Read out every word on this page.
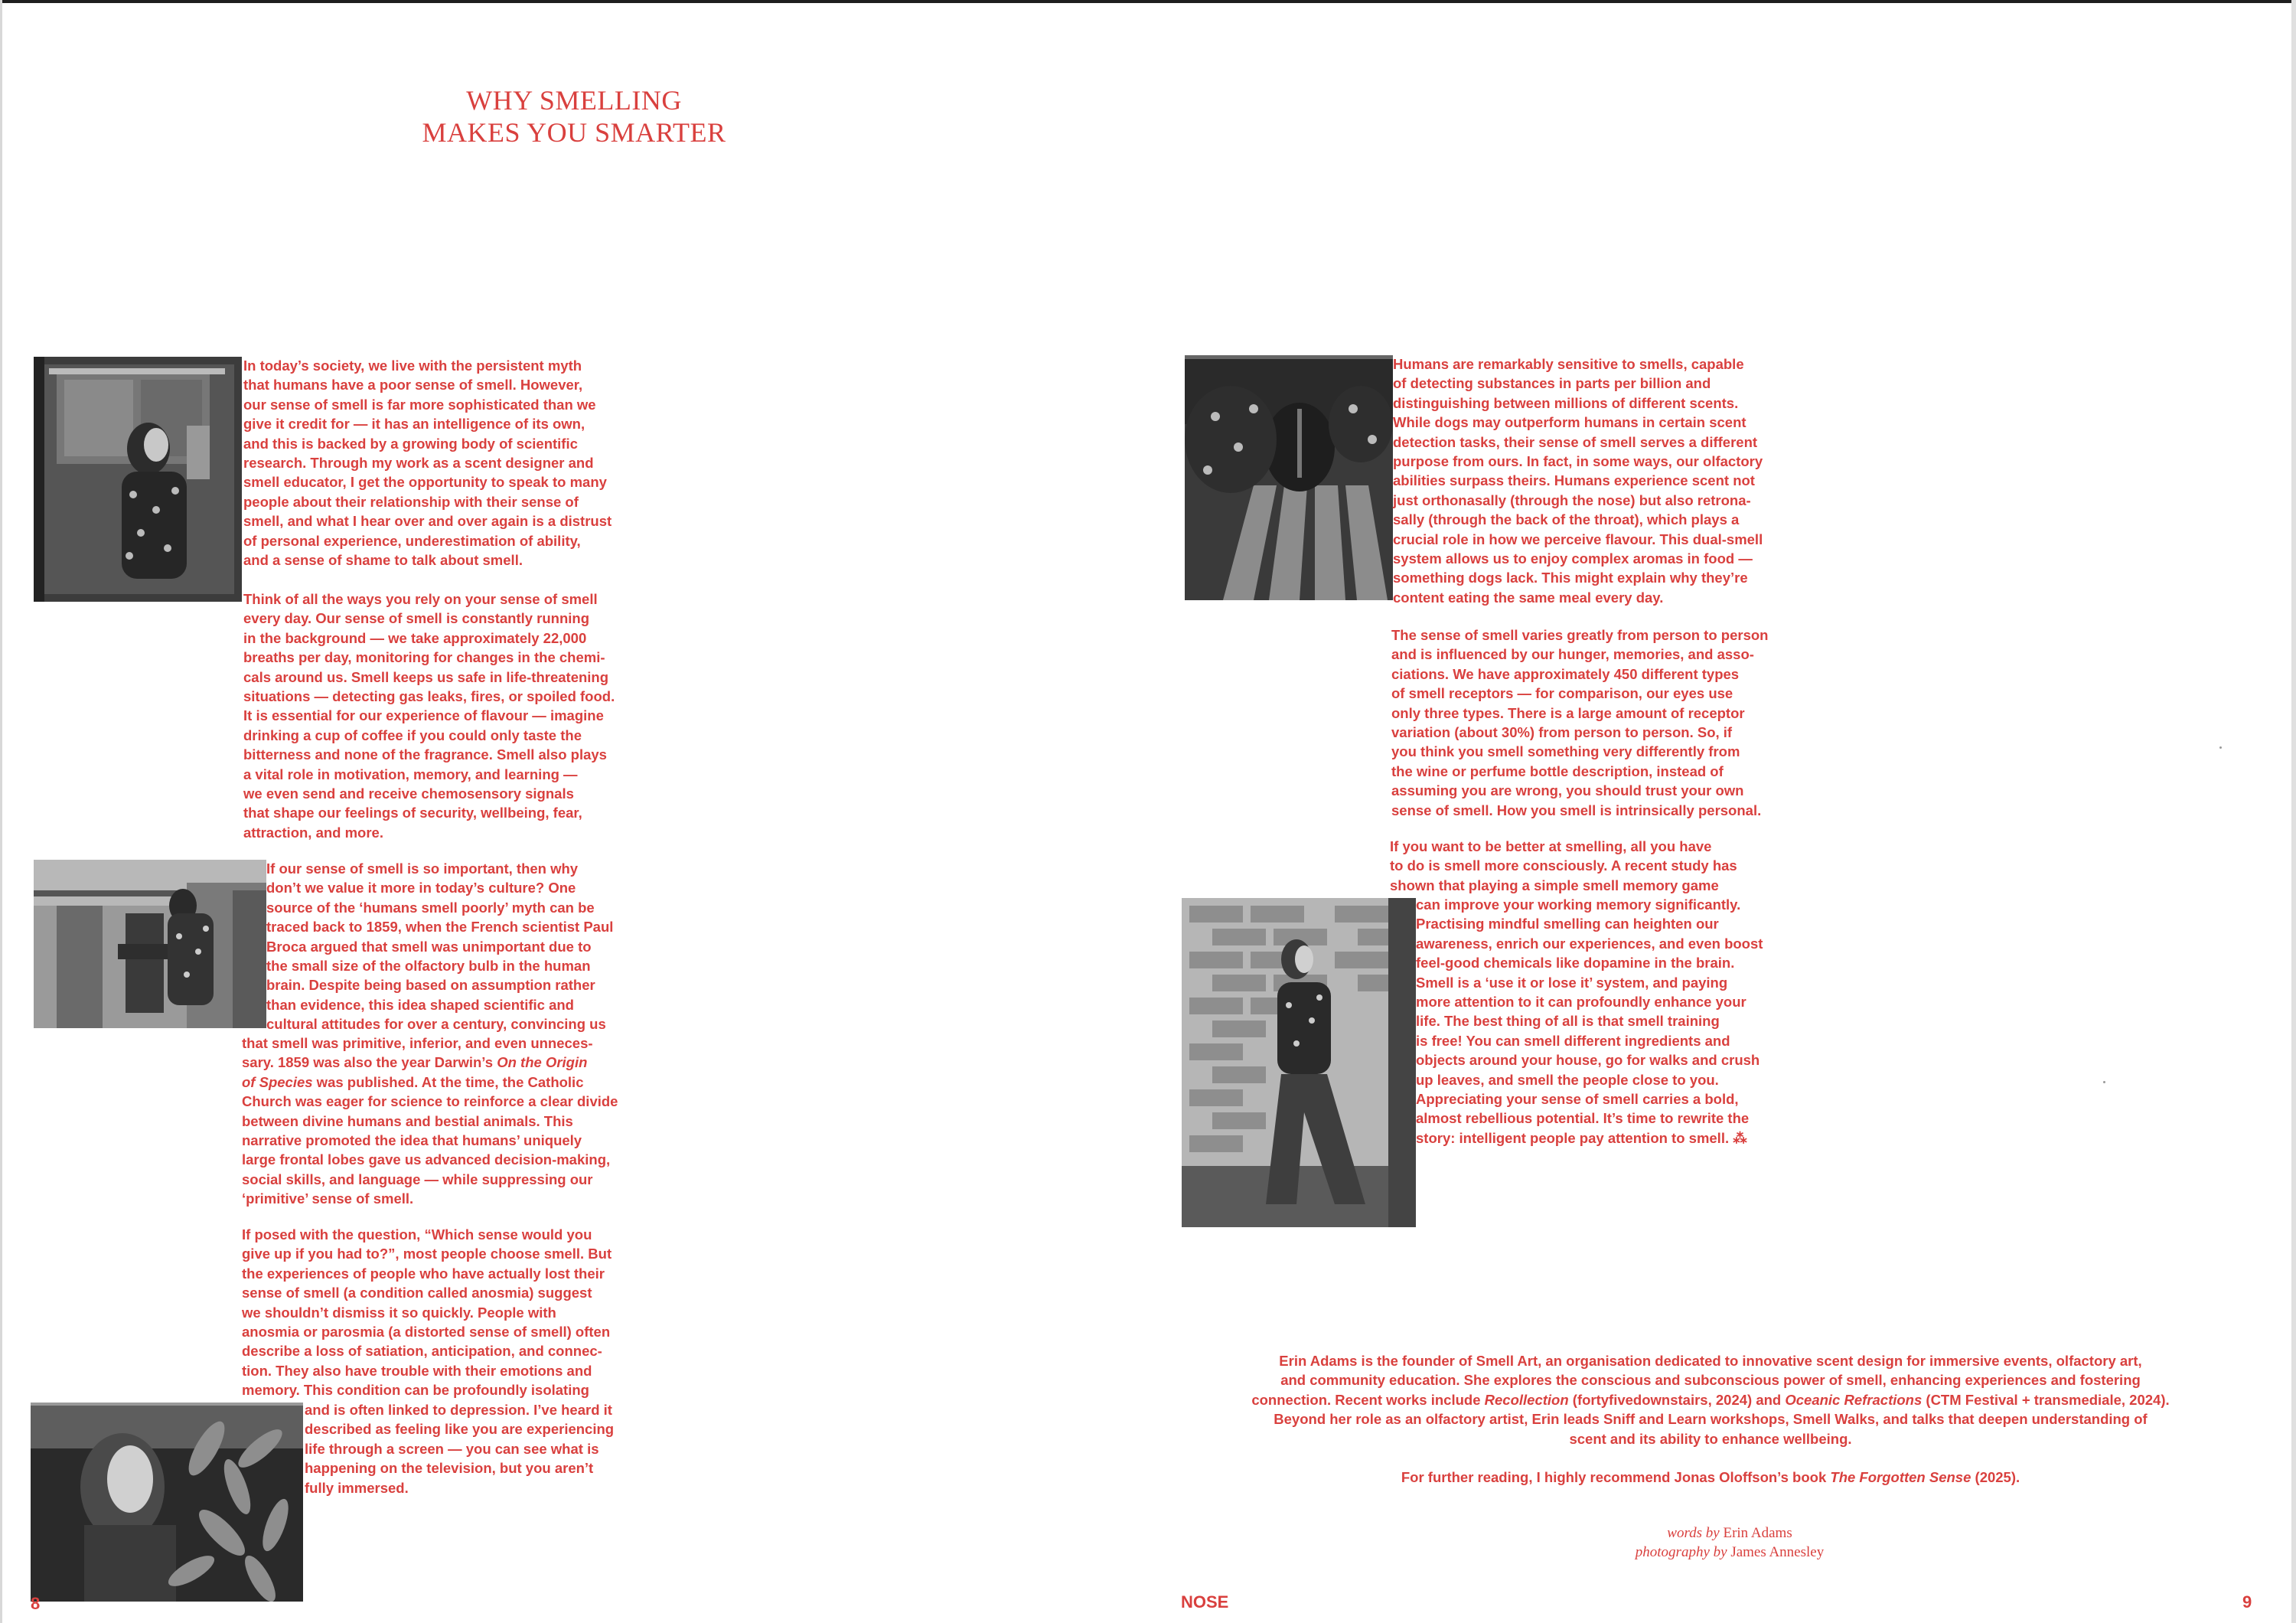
WHY SMELLING
MAKES YOU SMARTER
In today’s society, we live with the persistent myth
that humans have a poor sense of smell. However,
our sense of smell is far more sophisticated than we
give it credit for — it has an intelligence of its own,
and this is backed by a growing body of scientific
research. Through my work as a scent designer and
smell educator, I get the opportunity to speak to many
people about their relationship with their sense of
smell, and what I hear over and over again is a distrust
of personal experience, underestimation of ability,
and a sense of shame to talk about smell.
Think of all the ways you rely on your sense of smell
every day. Our sense of smell is constantly running
in the background — we take approximately 22,000
breaths per day, monitoring for changes in the chemi-
cals around us. Smell keeps us safe in life-threatening
situations — detecting gas leaks, fires, or spoiled food.
It is essential for our experience of flavour — imagine
drinking a cup of coffee if you could only taste the
bitterness and none of the fragrance. Smell also plays
a vital role in motivation, memory, and learning —
we even send and receive chemosensory signals
that shape our feelings of security, wellbeing, fear,
attraction, and more.
If our sense of smell is so important, then why
don’t we value it more in today’s culture? One
source of the ‘humans smell poorly’ myth can be
traced back to 1859, when the French scientist Paul
Broca argued that smell was unimportant due to
the small size of the olfactory bulb in the human
brain. Despite being based on assumption rather
than evidence, this idea shaped scientific and
cultural attitudes for over a century, convincing us
that smell was primitive, inferior, and even unneces-
sary. 1859 was also the year Darwin’s On the Origin
of Species was published. At the time, the Catholic
Church was eager for science to reinforce a clear divide
between divine humans and bestial animals. This
narrative promoted the idea that humans’ uniquely
large frontal lobes gave us advanced decision-making,
social skills, and language — while suppressing our
‘primitive’ sense of smell.
If posed with the question, “Which sense would you
give up if you had to?”, most people choose smell. But
the experiences of people who have actually lost their
sense of smell (a condition called anosmia) suggest
we shouldn’t dismiss it so quickly. People with
anosmia or parosmia (a distorted sense of smell) often
describe a loss of satiation, anticipation, and connec-
tion. They also have trouble with their emotions and
memory. This condition can be profoundly isolating
and is often linked to depression. I’ve heard it
described as feeling like you are experiencing
life through a screen — you can see what is
happening on the television, but you aren’t
fully immersed.
8	NOSE	9
Humans are remarkably sensitive to smells, capable
of detecting substances in parts per billion and
distinguishing between millions of different scents.
While dogs may outperform humans in certain scent
detection tasks, their sense of smell serves a different
purpose from ours. In fact, in some ways, our olfactory
abilities surpass theirs. Humans experience scent not
just orthonasally (through the nose) but also retrona-
sally (through the back of the throat), which plays a
crucial role in how we perceive flavour. This dual-smell
system allows us to enjoy complex aromas in food —
something dogs lack. This might explain why they’re
content eating the same meal every day.
The sense of smell varies greatly from person to person
and is influenced by our hunger, memories, and asso-
ciations. We have approximately 450 different types
of smell receptors — for comparison, our eyes use
only three types. There is a large amount of receptor
variation (about 30%) from person to person. So, if
you think you smell something very differently from
the wine or perfume bottle description, instead of
assuming you are wrong, you should trust your own
sense of smell. How you smell is intrinsically personal.
If you want to be better at smelling, all you have
to do is smell more consciously. A recent study has
shown that playing a simple smell memory game
can improve your working memory significantly.
Practising mindful smelling can heighten our
awareness, enrich our experiences, and even boost
feel-good chemicals like dopamine in the brain.
Smell is a ‘use it or lose it’ system, and paying
more attention to it can profoundly enhance your
life. The best thing of all is that smell training
is free! You can smell different ingredients and
objects around your house, go for walks and crush
up leaves, and smell the people close to you.
Appreciating your sense of smell carries a bold,
almost rebellious potential. It’s time to rewrite the
story: intelligent people pay attention to smell. ⁂
Erin Adams is the founder of Smell Art, an organisation dedicated to innovative scent design for immersive events, olfactory art,
and community education. She explores the conscious and subconscious power of smell, enhancing experiences and fostering
connection. Recent works include Recollection (fortyfivedownstairs, 2024) and Oceanic Refractions (CTM Festival + transmediale, 2024).
Beyond her role as an olfactory artist, Erin leads Sniff and Learn workshops, Smell Walks, and talks that deepen understanding of
scent and its ability to enhance wellbeing.
For further reading, I highly recommend Jonas Oloffson’s book The Forgotten Sense (2025).
words by Erin Adams
photography by James Annesley
